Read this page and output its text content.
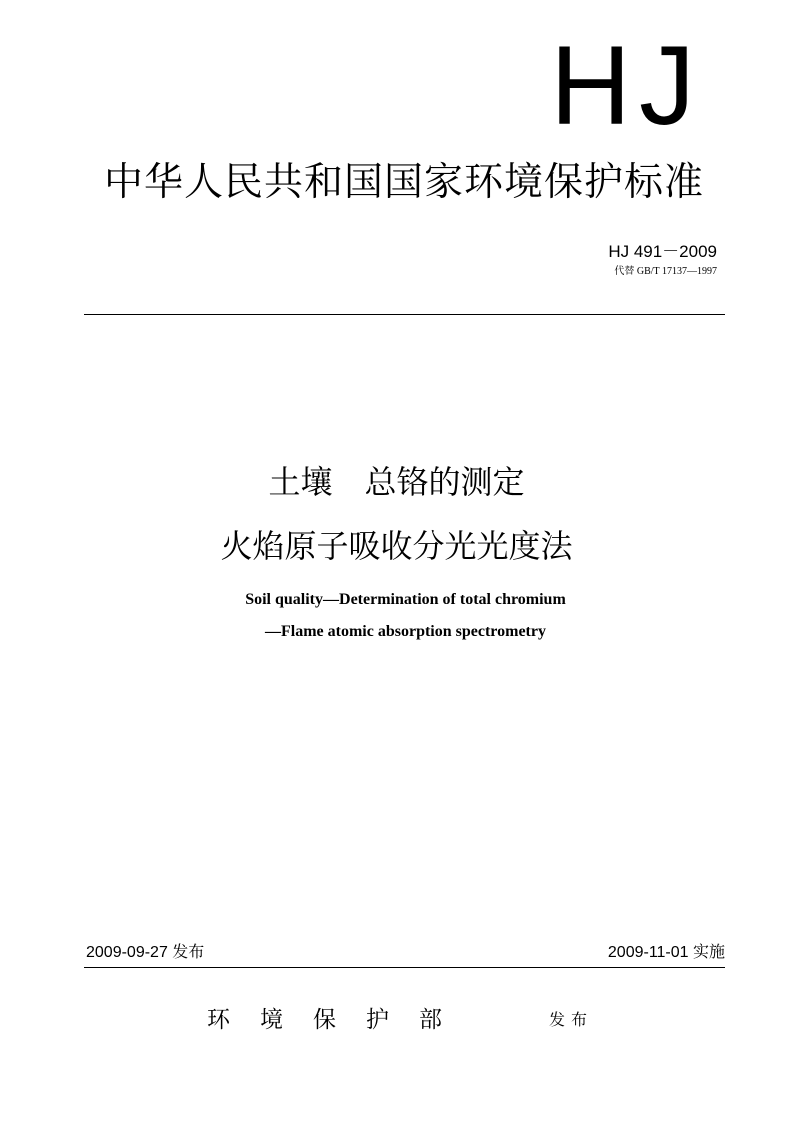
HJ
中华人民共和国国家环境保护标准
HJ 491－2009
代替 GB/T 17137—1997
土壤　总铬的测定
火焰原子吸收分光光度法
Soil quality—Determination of total chromium
—Flame atomic absorption spectrometry
2009-09-27 发布	2009-11-01 实施
环境保护部	发布
